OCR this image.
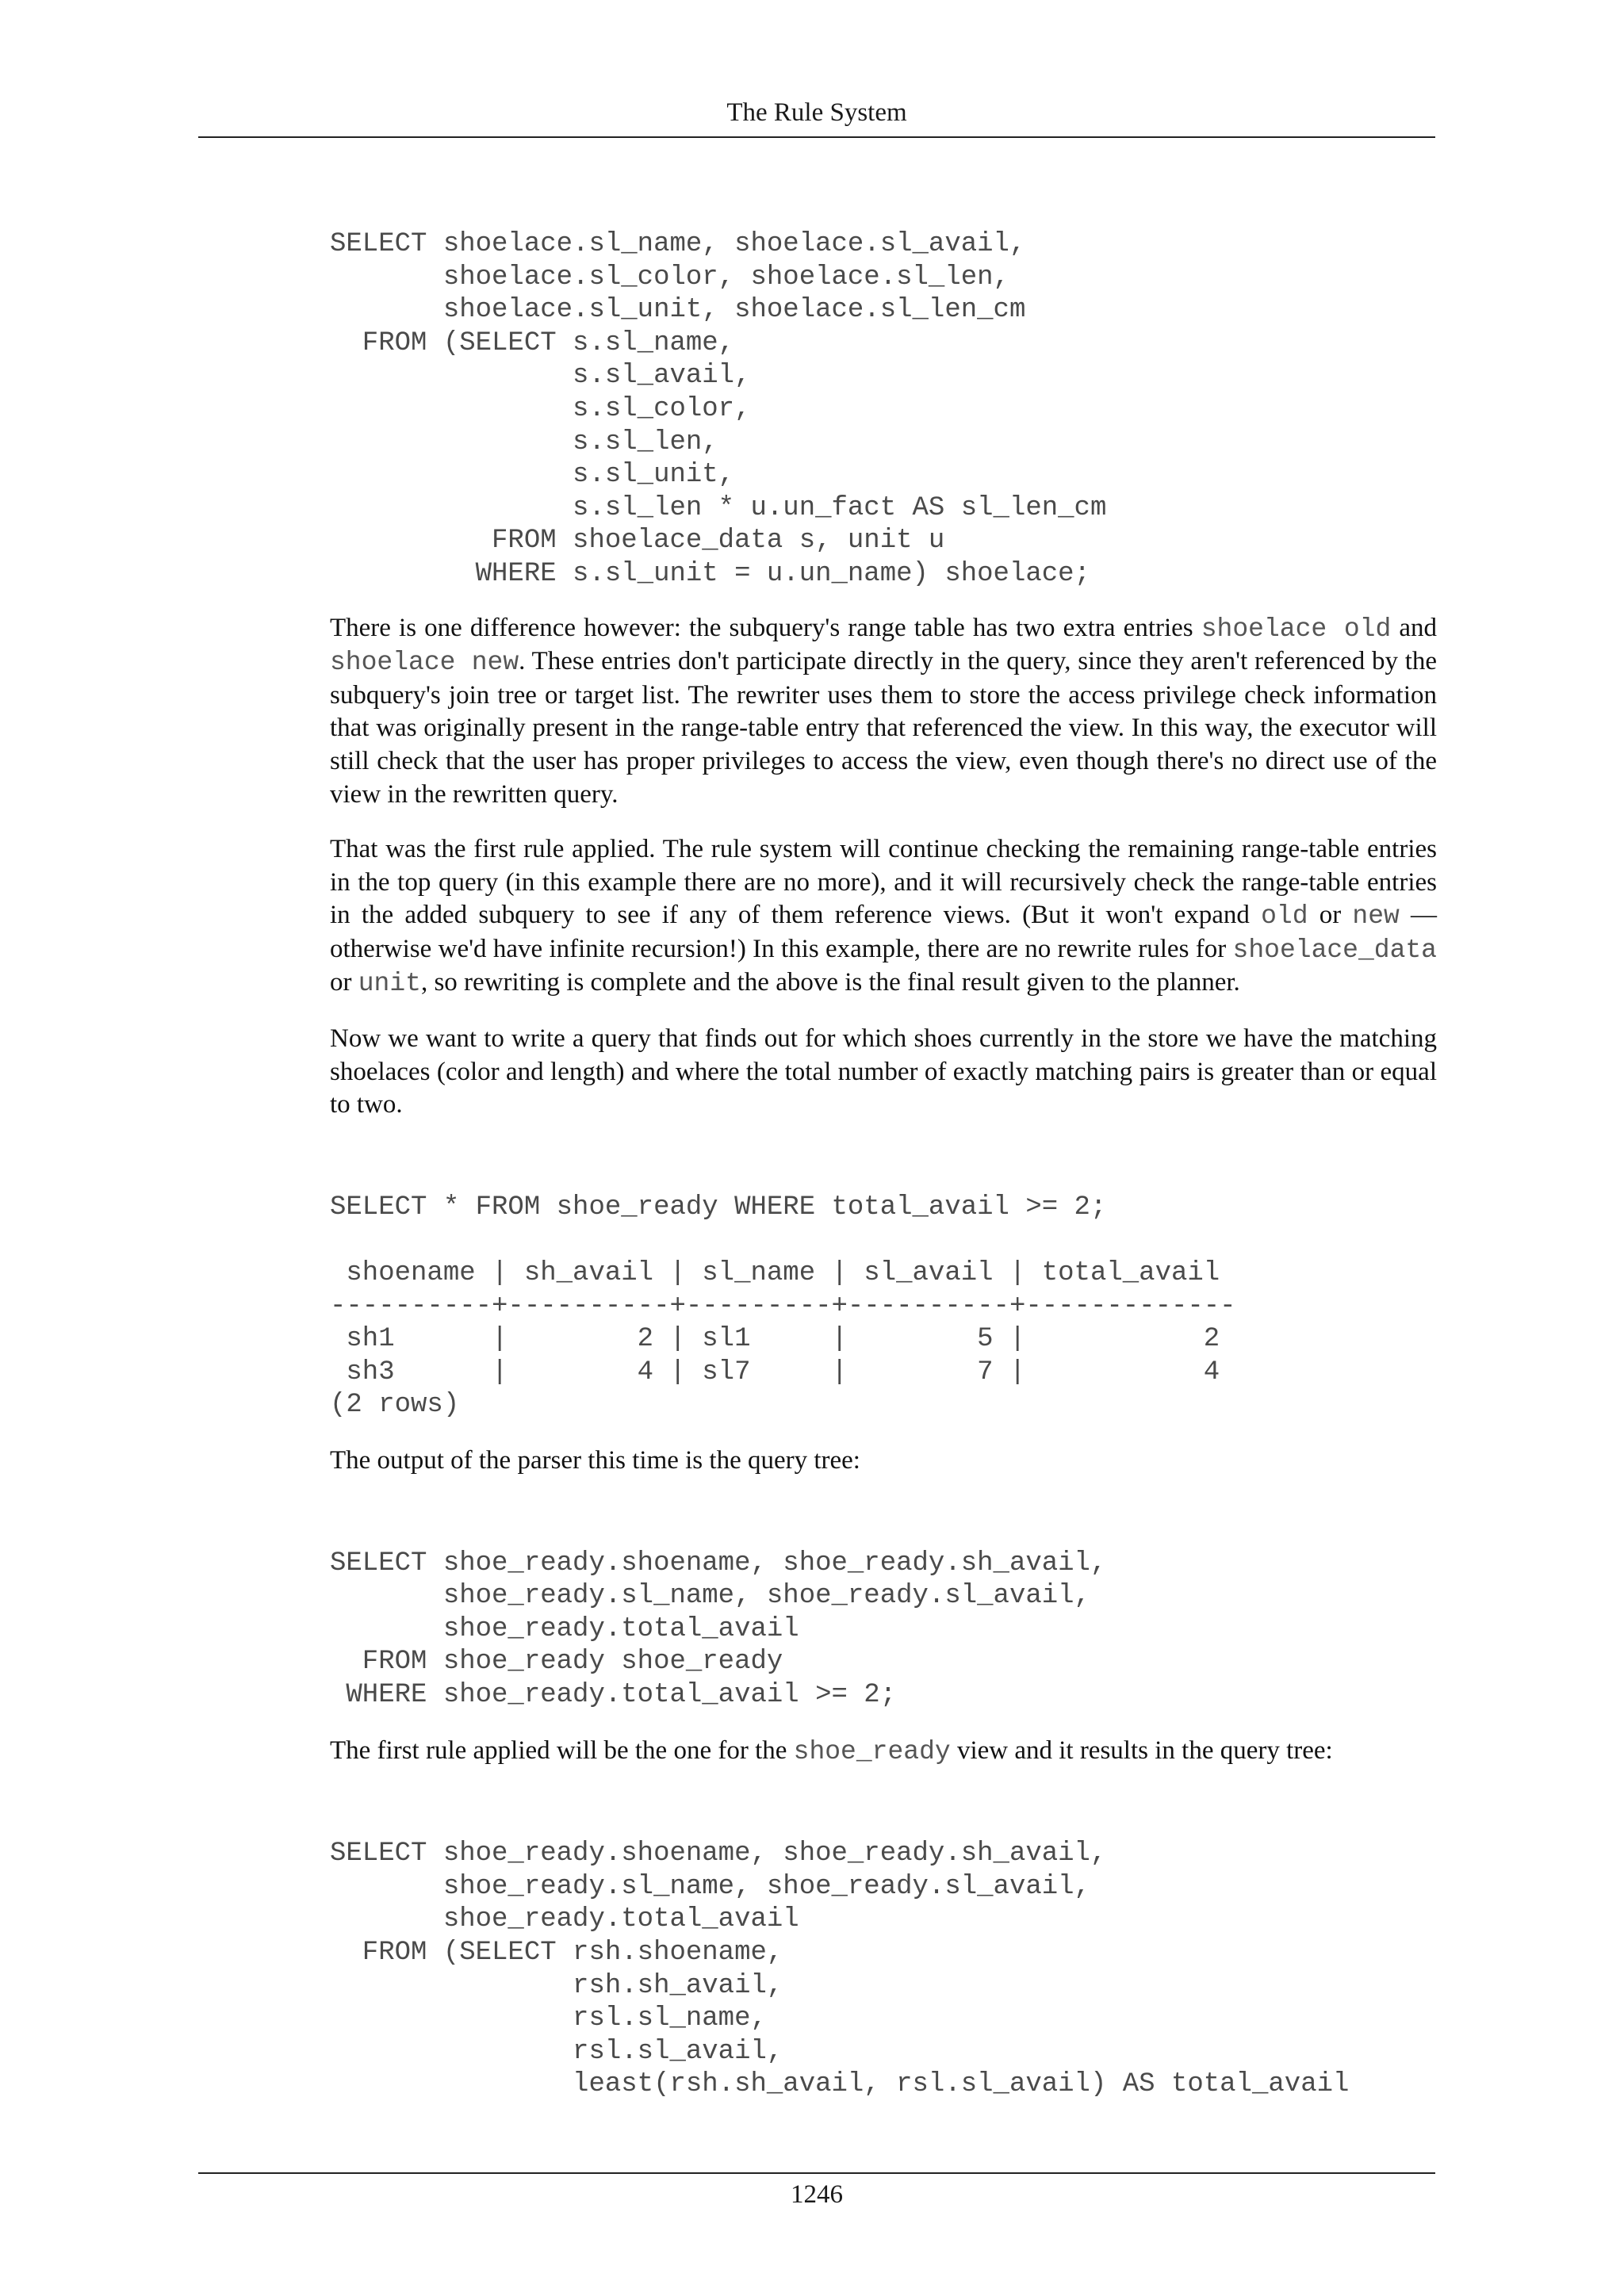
The Rule System
SELECT shoelace.sl_name, shoelace.sl_avail,
shoelace.sl_color, shoelace.sl_len,
shoelace.sl_unit, shoelace.sl_len_cm
FROM (SELECT s.sl_name,
s.sl_avail,
s.sl_color,
s.sl_len,
s.sl_unit,
s.sl_len * u.un_fact AS sl_len_cm
FROM shoelace_data s, unit u
WHERE s.sl_unit = u.un_name) shoelace;

There is one difference however: the subquery's range table has two extra entries shoelace old and shoelace new. These entries don't participate directly in the query, since they aren't referenced by the subquery's join tree or target list. The rewriter uses them to store the access privilege check information that was originally present in the range-table entry that referenced the view. In this way, the executor will still check that the user has proper privileges to access the view, even though there's no direct use of the view in the rewritten query.

That was the first rule applied. The rule system will continue checking the remaining range-table entries in the top query (in this example there are no more), and it will recursively check the range-table entries in the added subquery to see if any of them reference views. (But it won't expand old or new — otherwise we'd have infinite recursion!) In this example, there are no rewrite rules for shoelace_data or unit, so rewriting is complete and the above is the final result given to the planner.

Now we want to write a query that finds out for which shoes currently in the store we have the matching shoelaces (color and length) and where the total number of exactly matching pairs is greater than or equal to two.

SELECT * FROM shoe_ready WHERE total_avail >= 2;
shoename | sh_avail | sl_name | sl_avail | total_avail
----------+----------+---------+----------+-------------
sh1      |        2 | sl1     |        5 |           2
sh3      |        4 | sl7     |        7 |           4
(2 rows)

The output of the parser this time is the query tree:

SELECT shoe_ready.shoename, shoe_ready.sh_avail,
shoe_ready.sl_name, shoe_ready.sl_avail,
shoe_ready.total_avail
FROM shoe_ready shoe_ready
WHERE shoe_ready.total_avail >= 2;

The first rule applied will be the one for the shoe_ready view and it results in the query tree:

SELECT shoe_ready.shoename, shoe_ready.sh_avail,
shoe_ready.sl_name, shoe_ready.sl_avail,
shoe_ready.total_avail
FROM (SELECT rsh.shoename,
rsh.sh_avail,
rsl.sl_name,
rsl.sl_avail,
least(rsh.sh_avail, rsl.sl_avail) AS total_avail
1246
